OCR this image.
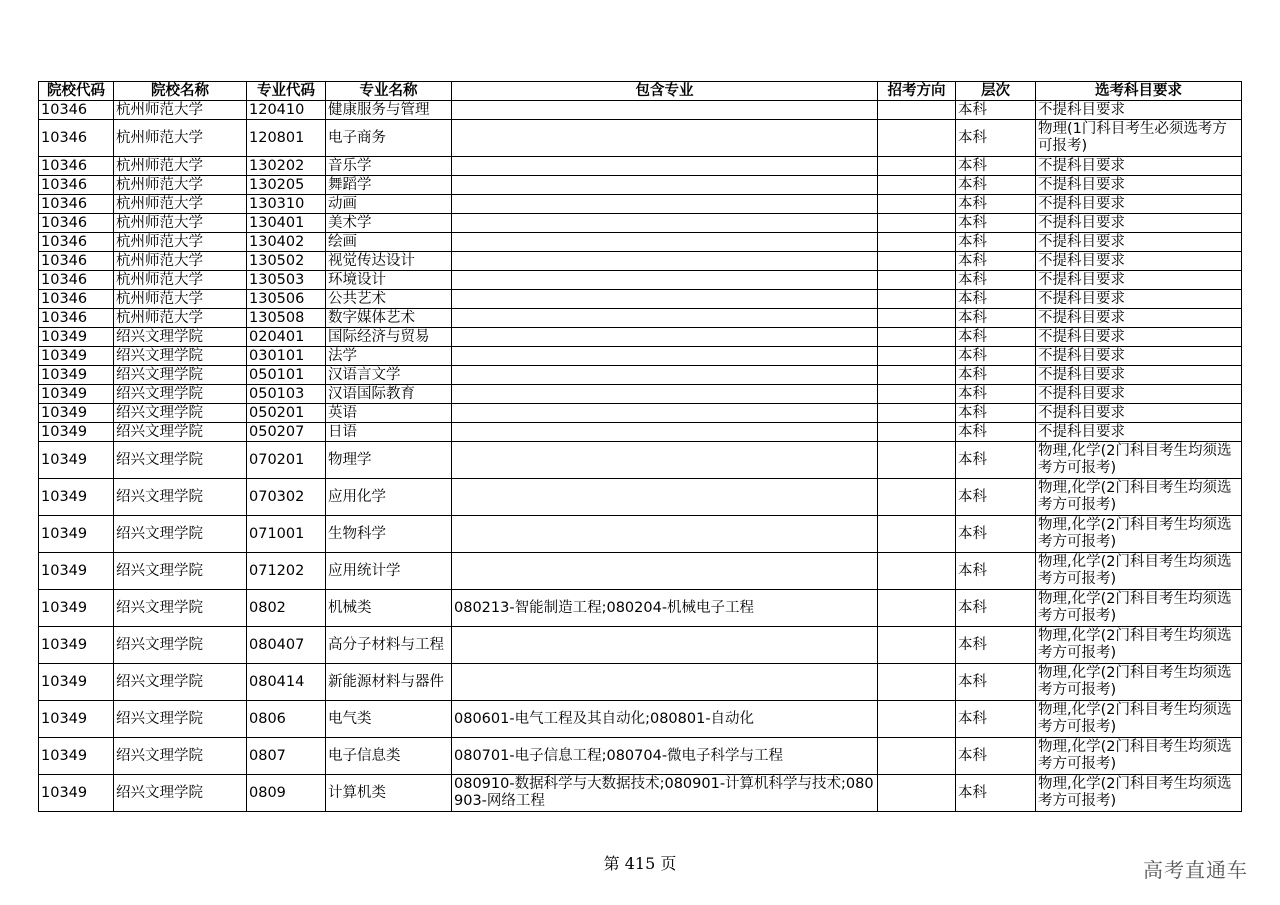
院校代码	院校名称	专业代码	专业名称	包含专业	招考方向	层次	选考科目要求
10346	杭州师范大学	120410	健康服务与管理			本科	不提科目要求
10346	杭州师范大学	120801	电子商务			本科	物理(1门科目考生必须选考方可报考)
10346	杭州师范大学	130202	音乐学			本科	不提科目要求
10346	杭州师范大学	130205	舞蹈学			本科	不提科目要求
10346	杭州师范大学	130310	动画			本科	不提科目要求
10346	杭州师范大学	130401	美术学			本科	不提科目要求
10346	杭州师范大学	130402	绘画			本科	不提科目要求
10346	杭州师范大学	130502	视觉传达设计			本科	不提科目要求
10346	杭州师范大学	130503	环境设计			本科	不提科目要求
10346	杭州师范大学	130506	公共艺术			本科	不提科目要求
10346	杭州师范大学	130508	数字媒体艺术			本科	不提科目要求
10349	绍兴文理学院	020401	国际经济与贸易			本科	不提科目要求
10349	绍兴文理学院	030101	法学			本科	不提科目要求
10349	绍兴文理学院	050101	汉语言文学			本科	不提科目要求
10349	绍兴文理学院	050103	汉语国际教育			本科	不提科目要求
10349	绍兴文理学院	050201	英语			本科	不提科目要求
10349	绍兴文理学院	050207	日语			本科	不提科目要求
10349	绍兴文理学院	070201	物理学			本科	物理,化学(2门科目考生均须选考方可报考)
10349	绍兴文理学院	070302	应用化学			本科	物理,化学(2门科目考生均须选考方可报考)
10349	绍兴文理学院	071001	生物科学			本科	物理,化学(2门科目考生均须选考方可报考)
10349	绍兴文理学院	071202	应用统计学			本科	物理,化学(2门科目考生均须选考方可报考)
10349	绍兴文理学院	0802	机械类	080213-智能制造工程;080204-机械电子工程		本科	物理,化学(2门科目考生均须选考方可报考)
10349	绍兴文理学院	080407	高分子材料与工程			本科	物理,化学(2门科目考生均须选考方可报考)
10349	绍兴文理学院	080414	新能源材料与器件			本科	物理,化学(2门科目考生均须选考方可报考)
10349	绍兴文理学院	0806	电气类	080601-电气工程及其自动化;080801-自动化		本科	物理,化学(2门科目考生均须选考方可报考)
10349	绍兴文理学院	0807	电子信息类	080701-电子信息工程;080704-微电子科学与工程		本科	物理,化学(2门科目考生均须选考方可报考)
10349	绍兴文理学院	0809	计算机类	080910-数据科学与大数据技术;080901-计算机科学与技术;080903-网络工程		本科	物理,化学(2门科目考生均须选考方可报考)
第 415 页	高考直通车
